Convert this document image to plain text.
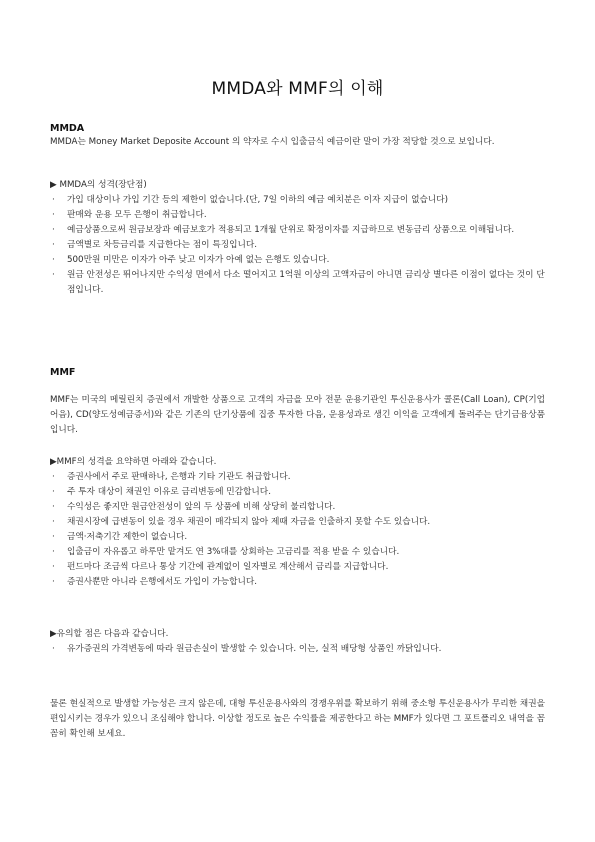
MMDA와 MMF의 이해
MMDA
MMDA는 Money Market Deposite Account 의 약자로 수시 입출금식 예금이란 말이 가장 적당할 것으로 보입니다.
▶ MMDA의 성격(장단점)
· 가입 대상이나 가입 기간 등의 제한이 없습니다.(단, 7일 이하의 예금 예치분은 이자 지급이 없습니다)
· 판매와 운용 모두 은행이 취급합니다.
· 예금상품으로써 원금보장과 예금보호가 적용되고 1개월 단위로 확정이자를 지급하므로 변동금리 상품으로 이해됩니다.
· 금액별로 차등금리를 지급한다는 점이 특징입니다.
· 500만원 미만은 이자가 아주 낮고 이자가 아예 없는 은행도 있습니다.
· 원금 안전성은 뛰어나지만 수익성 면에서 다소 떨어지고 1억원 이상의 고액자금이 아니면 금리상 별다른 이점이 없다는 것이 단점입니다.
MMF
MMF는 미국의 메릴린치 증권에서 개발한 상품으로 고객의 자금을 모아 전문 운용기관인 투신운용사가 콜론(Call Loan), CP(기업어음), CD(양도성예금증서)와 같은 기존의 단기상품에 집중 투자한 다음, 운용성과로 생긴 이익을 고객에게 돌려주는 단기금융상품입니다.
▶MMF의 성격을 요약하면 아래와 같습니다.
· 증권사에서 주로 판매하나, 은행과 기타 기관도 취급합니다.
· 주 투자 대상이 채권인 이유로 금리변동에 민감합니다.
· 수익성은 좋지만 원금안전성이 앞의 두 상품에 비해 상당히 불리합니다.
· 채권시장에 급변동이 있을 경우 채권이 매각되지 않아 제때 자금을 인출하지 못할 수도 있습니다.
· 금액·저축기간 제한이 없습니다.
· 입출금이 자유롭고 하루만 맡겨도 연 3%대를 상회하는 고금리를 적용 받을 수 있습니다.
· 펀드마다 조금씩 다르나 통상 기간에 관계없이 일자별로 계산해서 금리를 지급합니다.
· 증권사뿐만 아니라 은행에서도 가입이 가능합니다.
▶유의할 점은 다음과 같습니다.
· 유가증권의 가격변동에 따라 원금손실이 발생할 수 있습니다. 이는, 실적 배당형 상품인 까닭입니다.
물론 현실적으로 발생할 가능성은 크지 않은데, 대형 투신운용사와의 경쟁우위를 확보하기 위해 중소형 투신운용사가 무리한 채권을 편입시키는 경우가 있으니 조심해야 합니다. 이상할 정도로 높은 수익률을 제공한다고 하는 MMF가 있다면 그 포트폴리오 내역을 꼼꼼히 확인해 보세요.
